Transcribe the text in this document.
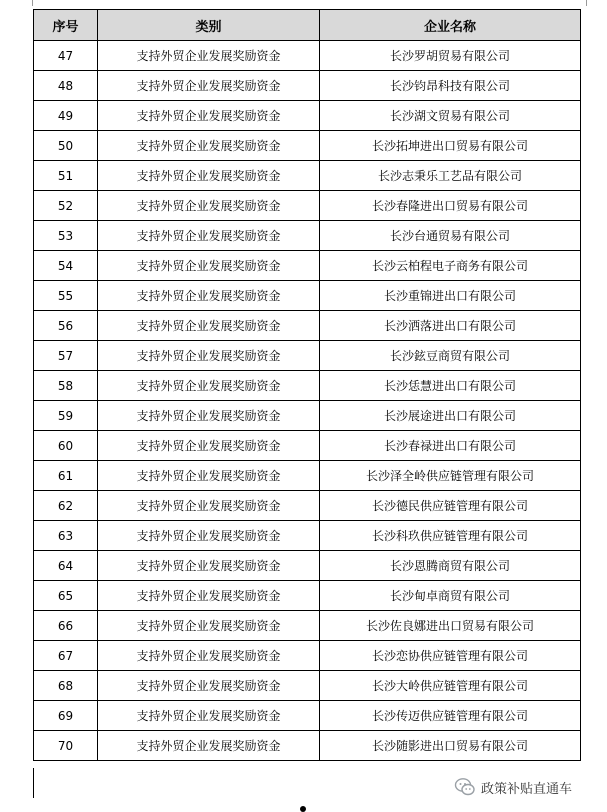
序号	类别	企业名称
47	支持外贸企业发展奖励资金	长沙罗胡贸易有限公司
48	支持外贸企业发展奖励资金	长沙钧昂科技有限公司
49	支持外贸企业发展奖励资金	长沙湖文贸易有限公司
50	支持外贸企业发展奖励资金	长沙拓坤进出口贸易有限公司
51	支持外贸企业发展奖励资金	长沙志秉乐工艺品有限公司
52	支持外贸企业发展奖励资金	长沙春隆进出口贸易有限公司
53	支持外贸企业发展奖励资金	长沙台通贸易有限公司
54	支持外贸企业发展奖励资金	长沙云柏程电子商务有限公司
55	支持外贸企业发展奖励资金	长沙重锦进出口有限公司
56	支持外贸企业发展奖励资金	长沙洒落进出口有限公司
57	支持外贸企业发展奖励资金	长沙鉉豆商贸有限公司
58	支持外贸企业发展奖励资金	长沙恁慧进出口有限公司
59	支持外贸企业发展奖励资金	长沙展途进出口有限公司
60	支持外贸企业发展奖励资金	长沙春禄进出口有限公司
61	支持外贸企业发展奖励资金	长沙泽全岭供应链管理有限公司
62	支持外贸企业发展奖励资金	长沙德民供应链管理有限公司
63	支持外贸企业发展奖励资金	长沙科玖供应链管理有限公司
64	支持外贸企业发展奖励资金	长沙恩腾商贸有限公司
65	支持外贸企业发展奖励资金	长沙甸卓商贸有限公司
66	支持外贸企业发展奖励资金	长沙佐良娜进出口贸易有限公司
67	支持外贸企业发展奖励资金	长沙恋协供应链管理有限公司
68	支持外贸企业发展奖励资金	长沙大岭供应链管理有限公司
69	支持外贸企业发展奖励资金	长沙传迈供应链管理有限公司
70	支持外贸企业发展奖励资金	长沙随影进出口贸易有限公司
政策补贴直通车
